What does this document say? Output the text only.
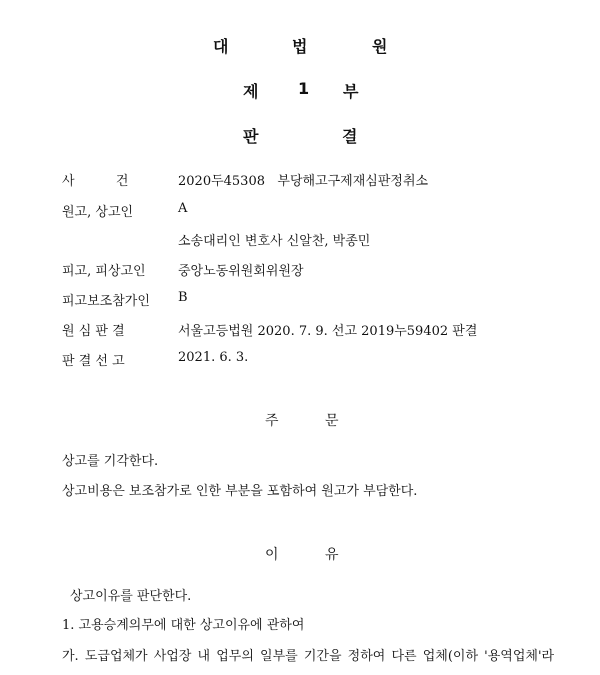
대	법	원
제 1 부
판	결
사          건	2020두45308   부당해고구제재심판정취소
원고, 상고인	A
소송대리인 변호사 신알찬, 박종민
피고, 피상고인 중앙노동위원회위원장
피고보조참가인 B
원 심 판 결	서울고등법원 2020. 7. 9. 선고 2019누59402 판결
판 결 선 고	2021. 6. 3.
주	문
상고를 기각한다.
상고비용은 보조참가로 인한 부분을 포함하여 원고가 부담한다.
이	유
상고이유를 판단한다.
1. 고용승계의무에 대한 상고이유에 관하여
가. 도급업체가 사업장 내 업무의 일부를 기간을 정하여 다른 업체(이하 '용역업체'라
